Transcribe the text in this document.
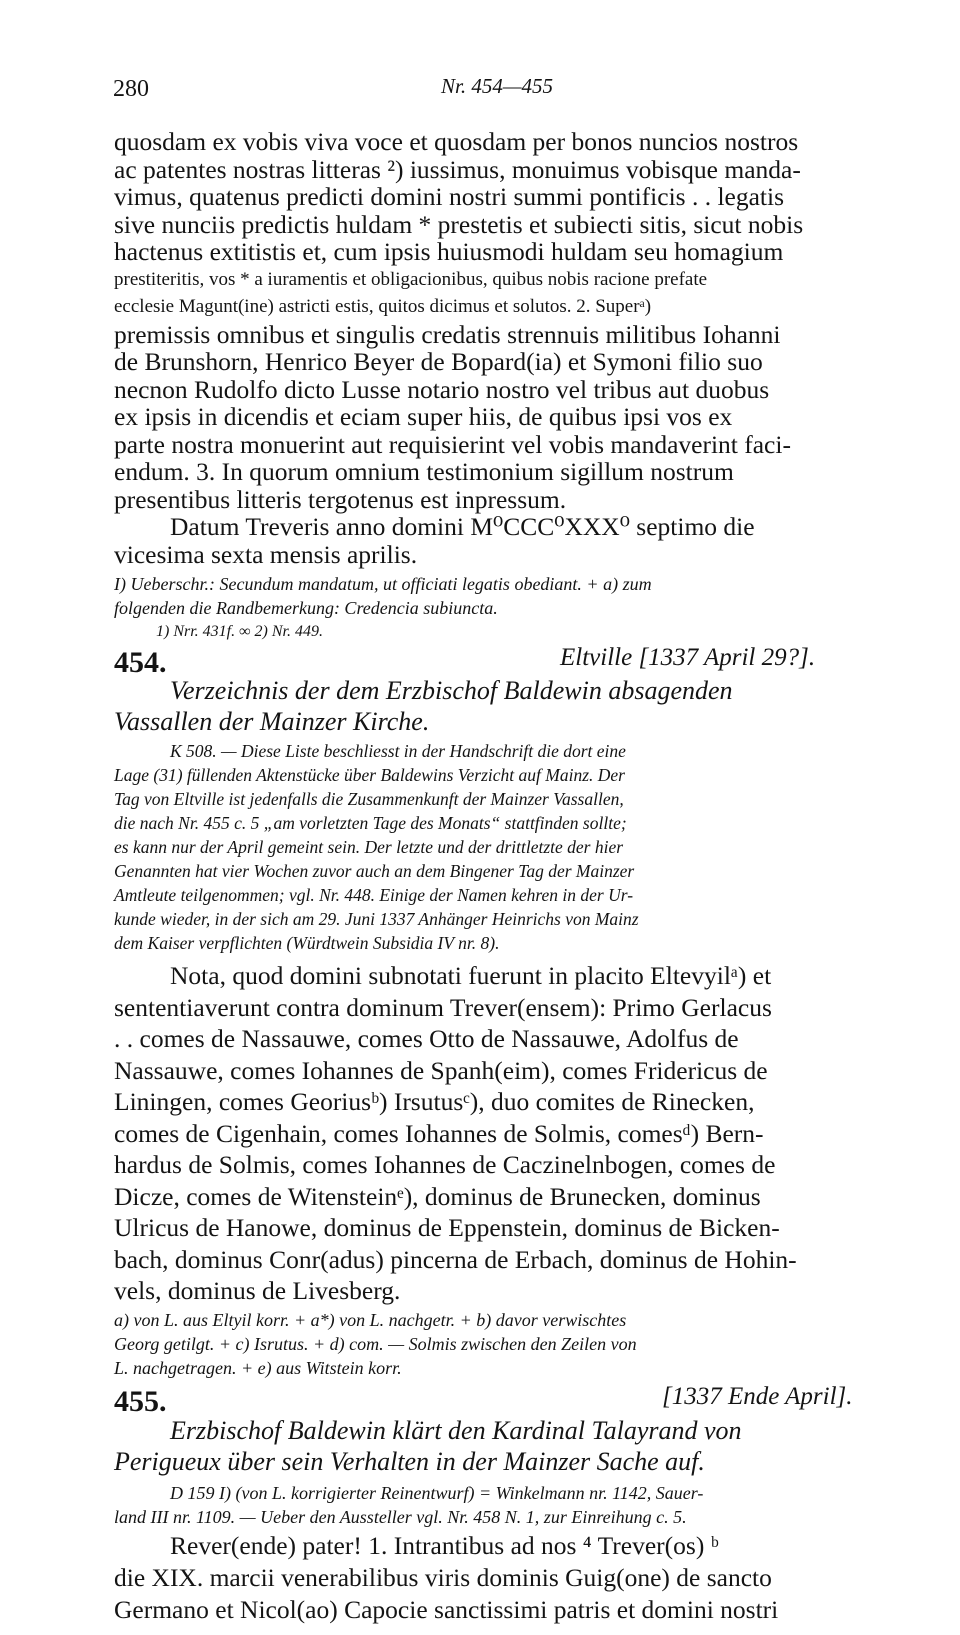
280	Nr. 454—455
quosdam ex vobis viva voce et quosdam per bonos nuncios nostros
ac patentes nostras litteras ²) iussimus, monuimus vobisque manda-
vimus, quatenus predicti domini nostri summi pontificis . . legatis
sive nunciis predictis huldam * prestetis et subiecti sitis, sicut nobis
hactenus extitistis et, cum ipsis huiusmodi huldam seu homagium
prestiteritis, vos * a iuramentis et obligacionibus, quibus nobis racione prefate
ecclesie Magunt(ine) astricti estis, quitos dicimus et solutos. 2. Superᵃ)
premissis omnibus et singulis credatis strennuis militibus Iohanni
de Brunshorn, Henrico Beyer de Bopard(ia) et Symoni filio suo
necnon Rudolfo dicto Lusse notario nostro vel tribus aut duobus
ex ipsis in dicendis et eciam super hiis, de quibus ipsi vos ex
parte nostra monuerint aut requisierint vel vobis mandaverint faci-
endum. 3. In quorum omnium testimonium sigillum nostrum
presentibus litteris tergotenus est inpressum.
Datum Treveris anno domini M⁰CCC⁰XXX⁰ septimo die
vicesima sexta mensis aprilis.
I) Ueberschr.: Secundum mandatum, ut officiati legatis obediant. + a) zum
folgenden die Randbemerkung: Credencia subiuncta.
1) Nrr. 431f. ∞ 2) Nr. 449.
454.	Eltville [1337 April 29?].
Verzeichnis der dem Erzbischof Baldewin absagenden
Vassallen der Mainzer Kirche.
K 508. — Diese Liste beschliesst in der Handschrift die dort eine
Lage (31) füllenden Aktenstücke über Baldewins Verzicht auf Mainz. Der
Tag von Eltville ist jedenfalls die Zusammenkunft der Mainzer Vassallen,
die nach Nr. 455 c. 5 „am vorletzten Tage des Monats“ stattfinden sollte;
es kann nur der April gemeint sein. Der letzte und der drittletzte der hier
Genannten hat vier Wochen zuvor auch an dem Bingener Tag der Mainzer
Amtleute teilgenommen; vgl. Nr. 448. Einige der Namen kehren in der Ur-
kunde wieder, in der sich am 29. Juni 1337 Anhänger Heinrichs von Mainz
dem Kaiser verpflichten (Würdtwein Subsidia IV nr. 8).
Nota, quod domini subnotati fuerunt in placito Eltevyilᵃ) et
sententiaverunt contra dominum Trever(ensem): Primo Gerlacus
. . comes de Nassauwe, comes Otto de Nassauwe, Adolfus de
Nassauwe, comes Iohannes de Spanh(eim), comes Fridericus de
Liningen, comes Georiusᵇ) Irsutusᶜ), duo comites de Rinecken,
comes de Cigenhain, comes Iohannes de Solmis, comesᵈ) Bern-
hardus de Solmis, comes Iohannes de Caczinelnbogen, comes de
Dicze, comes de Witensteinᵉ), dominus de Brunecken, dominus
Ulricus de Hanowe, dominus de Eppenstein, dominus de Bicken-
bach, dominus Conr(adus) pincerna de Erbach, dominus de Hohin-
vels, dominus de Livesberg.
a) von L. aus Eltyil korr. + a*) von L. nachgetr. + b) davor verwischtes
Georg getilgt. + c) Isrutus. + d) com. — Solmis zwischen den Zeilen von
L. nachgetragen. + e) aus Witstein korr.
455.	[1337 Ende April].
Erzbischof Baldewin klärt den Kardinal Talayrand von
Perigueux über sein Verhalten in der Mainzer Sache auf.
D 159 I) (von L. korrigierter Reinentwurf) = Winkelmann nr. 1142, Sauer-
land III nr. 1109. — Ueber den Aussteller vgl. Nr. 458 N. 1, zur Einreihung c. 5.
Rever(ende) pater! 1. Intrantibus ad nos ⁴ Trever(os) ᵇ
die XIX. marcii venerabilibus viris dominis Guig(one) de sancto
Germano et Nicol(ao) Capocie sanctissimi patris et domini nostri
